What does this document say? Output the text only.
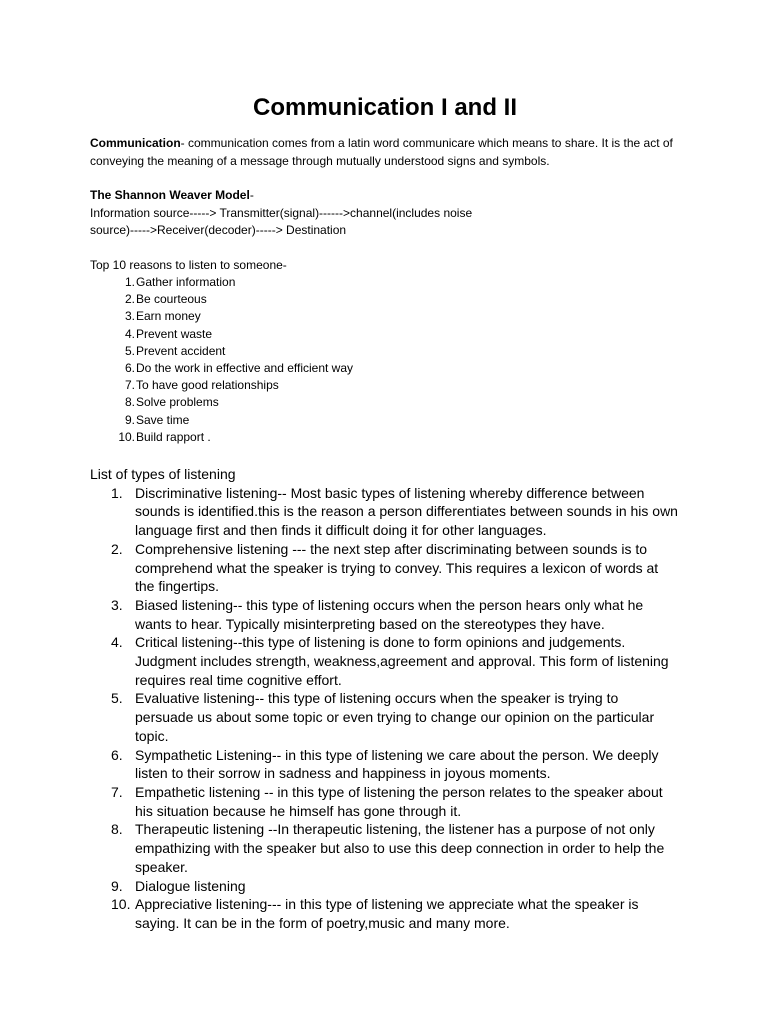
Communication I and II

Communication- communication comes from a latin word communicare which means to share. It is the act of conveying the meaning of a message through mutually understood signs and symbols.

The Shannon Weaver Model-

Information source-----> Transmitter(signal)------>channel(includes noise

source)----->Receiver(decoder)-----> Destination

Top 10 reasons to listen to someone-

1. Gather information
2. Be courteous
3. Earn money
4. Prevent waste
5. Prevent accident
6. Do the work in effective and efficient way
7. To have good relationships
8. Solve problems
9. Save time
10. Build rapport .

List of types of listening

1. Discriminative listening-- Most basic types of listening whereby difference between sounds is identified.this is the reason a person differentiates between sounds in his own language first and then finds it difficult doing it for other languages.
2. Comprehensive listening --- the next step after discriminating between sounds is to comprehend what the speaker is trying to convey. This requires a lexicon of words at the fingertips.
3. Biased listening-- this type of listening occurs when the person hears only what he wants to hear. Typically misinterpreting based on the stereotypes they have.
4. Critical listening--this type of listening is done to form opinions and judgements. Judgment includes strength, weakness,agreement and approval. This form of listening requires real time cognitive effort.
5. Evaluative listening-- this type of listening occurs when the speaker is trying to persuade us about some topic or even trying to change our opinion on the particular topic.
6. Sympathetic Listening-- in this type of listening we care about the person. We deeply listen to their sorrow in sadness and happiness in joyous moments.
7. Empathetic listening -- in this type of listening the person relates to the speaker about his situation because he himself has gone through it.
8. Therapeutic listening --In therapeutic listening, the listener has a purpose of not only empathizing with the speaker but also to use this deep connection in order to help the speaker.
9. Dialogue listening
10. Appreciative listening--- in this type of listening we appreciate what the speaker is saying. It can be in the form of poetry,music and many more.
